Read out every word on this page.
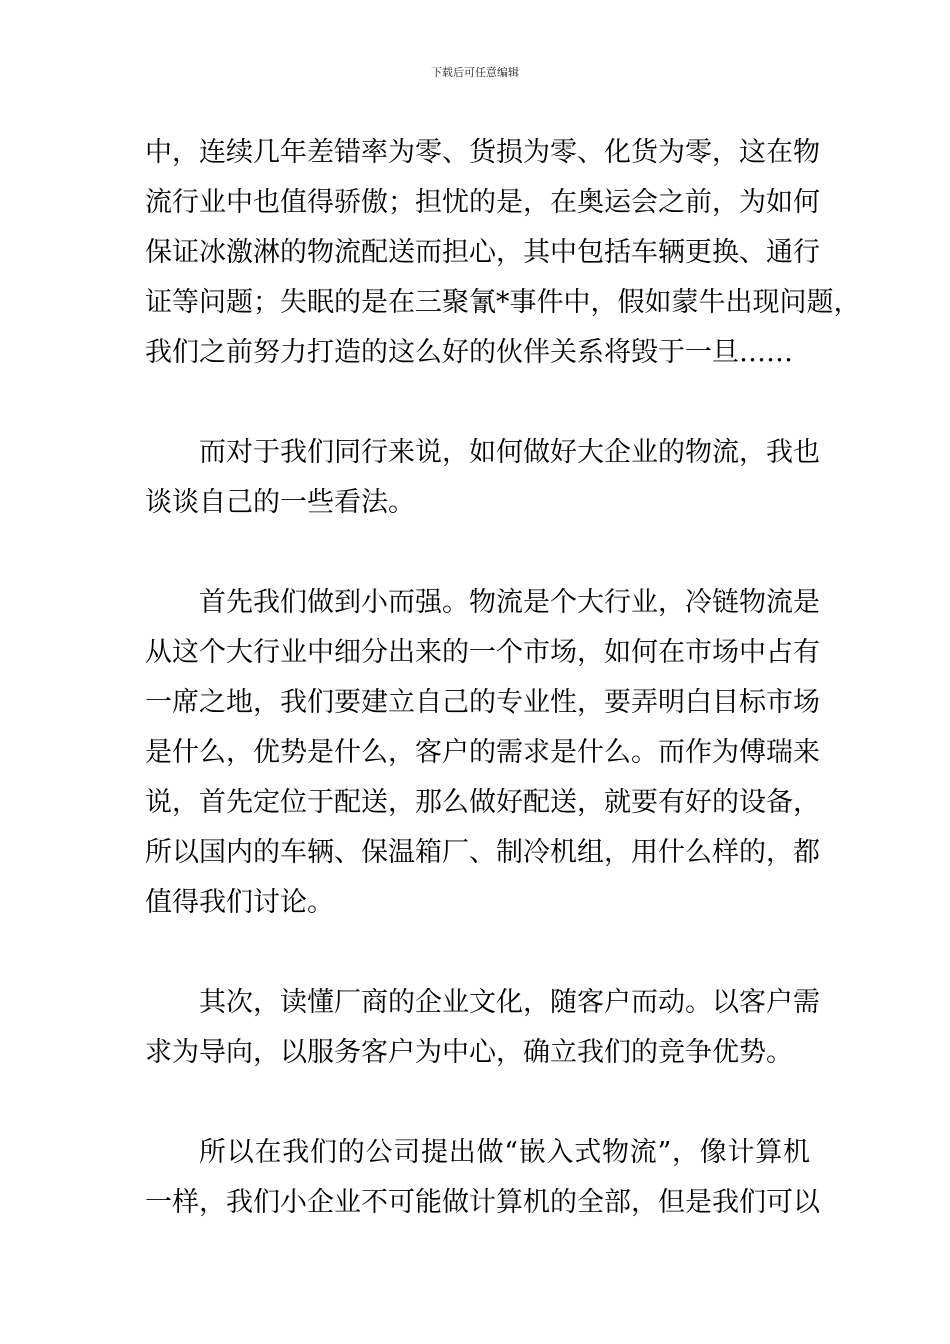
下载后可任意编辑

中，连续几年差错率为零、货损为零、化货为零，这在物
流行业中也值得骄傲；担忧的是，在奥运会之前，为如何
保证冰激淋的物流配送而担心，其中包括车辆更换、通行
证等问题；失眠的是在三聚氰*事件中，假如蒙牛出现问题，
我们之前努力打造的这么好的伙伴关系将毁于一旦……

而对于我们同行来说，如何做好大企业的物流，我也
谈谈自己的一些看法。

首先我们做到小而强。物流是个大行业，冷链物流是
从这个大行业中细分出来的一个市场，如何在市场中占有
一席之地，我们要建立自己的专业性，要弄明白目标市场
是什么，优势是什么，客户的需求是什么。而作为傅瑞来
说，首先定位于配送，那么做好配送，就要有好的设备，
所以国内的车辆、保温箱厂、制冷机组，用什么样的，都
值得我们讨论。

其次，读懂厂商的企业文化，随客户而动。以客户需
求为导向，以服务客户为中心，确立我们的竞争优势。

所以在我们的公司提出做“嵌入式物流”，像计算机
一样，我们小企业不可能做计算机的全部，但是我们可以
